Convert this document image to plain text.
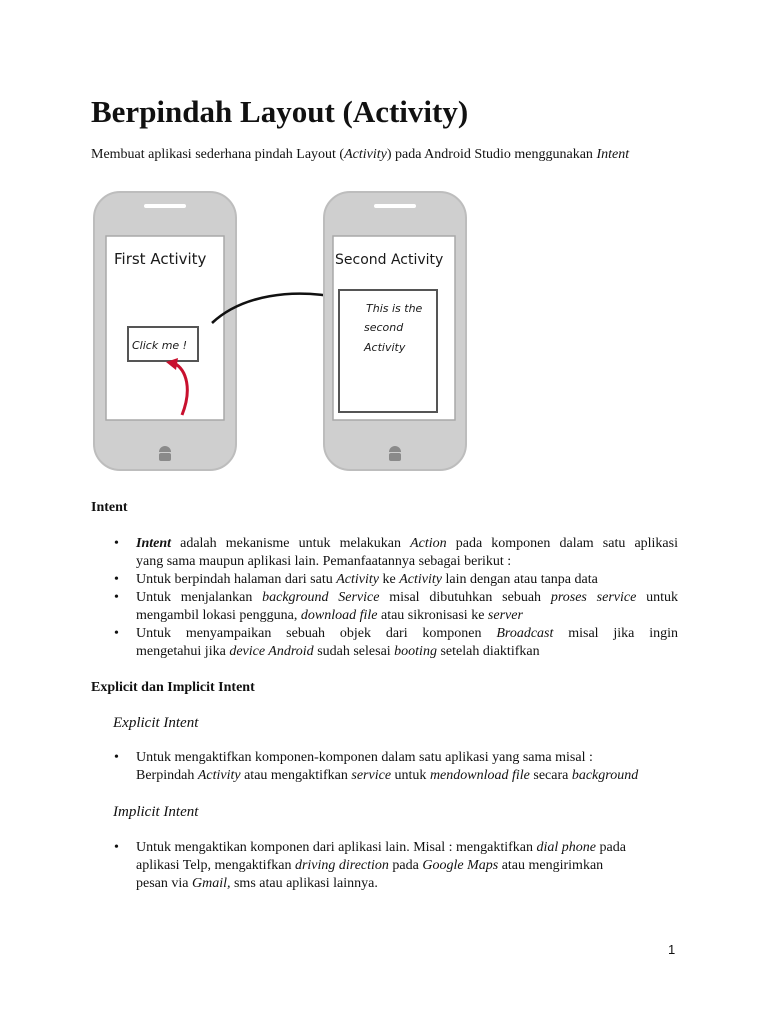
Berpindah Layout (Activity)
Membuat aplikasi sederhana pindah Layout (Activity) pada Android Studio menggunakan Intent
First Activity
Click me !
Second Activity
This is the
second
Activity
Intent
• Intent adalah mekanisme untuk melakukan Action pada komponen dalam satu aplikasi
yang sama maupun aplikasi lain. Pemanfaatannya sebagai berikut :
• Untuk berpindah halaman dari satu Activity ke Activity lain dengan atau tanpa data
• Untuk menjalankan background Service misal dibutuhkan sebuah proses service untuk
mengambil lokasi pengguna, download file atau sikronisasi ke server
• Untuk menyampaikan sebuah objek dari komponen Broadcast misal jika ingin
mengetahui jika device Android sudah selesai booting setelah diaktifkan
Explicit dan Implicit Intent
Explicit Intent
• Untuk mengaktifkan komponen-komponen dalam satu aplikasi yang sama misal :
Berpindah Activity atau mengaktifkan service untuk mendownload file secara background
Implicit Intent
• Untuk mengaktikan komponen dari aplikasi lain. Misal : mengaktifkan dial phone pada
aplikasi Telp, mengaktifkan driving direction pada Google Maps atau mengirimkan
pesan via Gmail, sms atau aplikasi lainnya.
1
